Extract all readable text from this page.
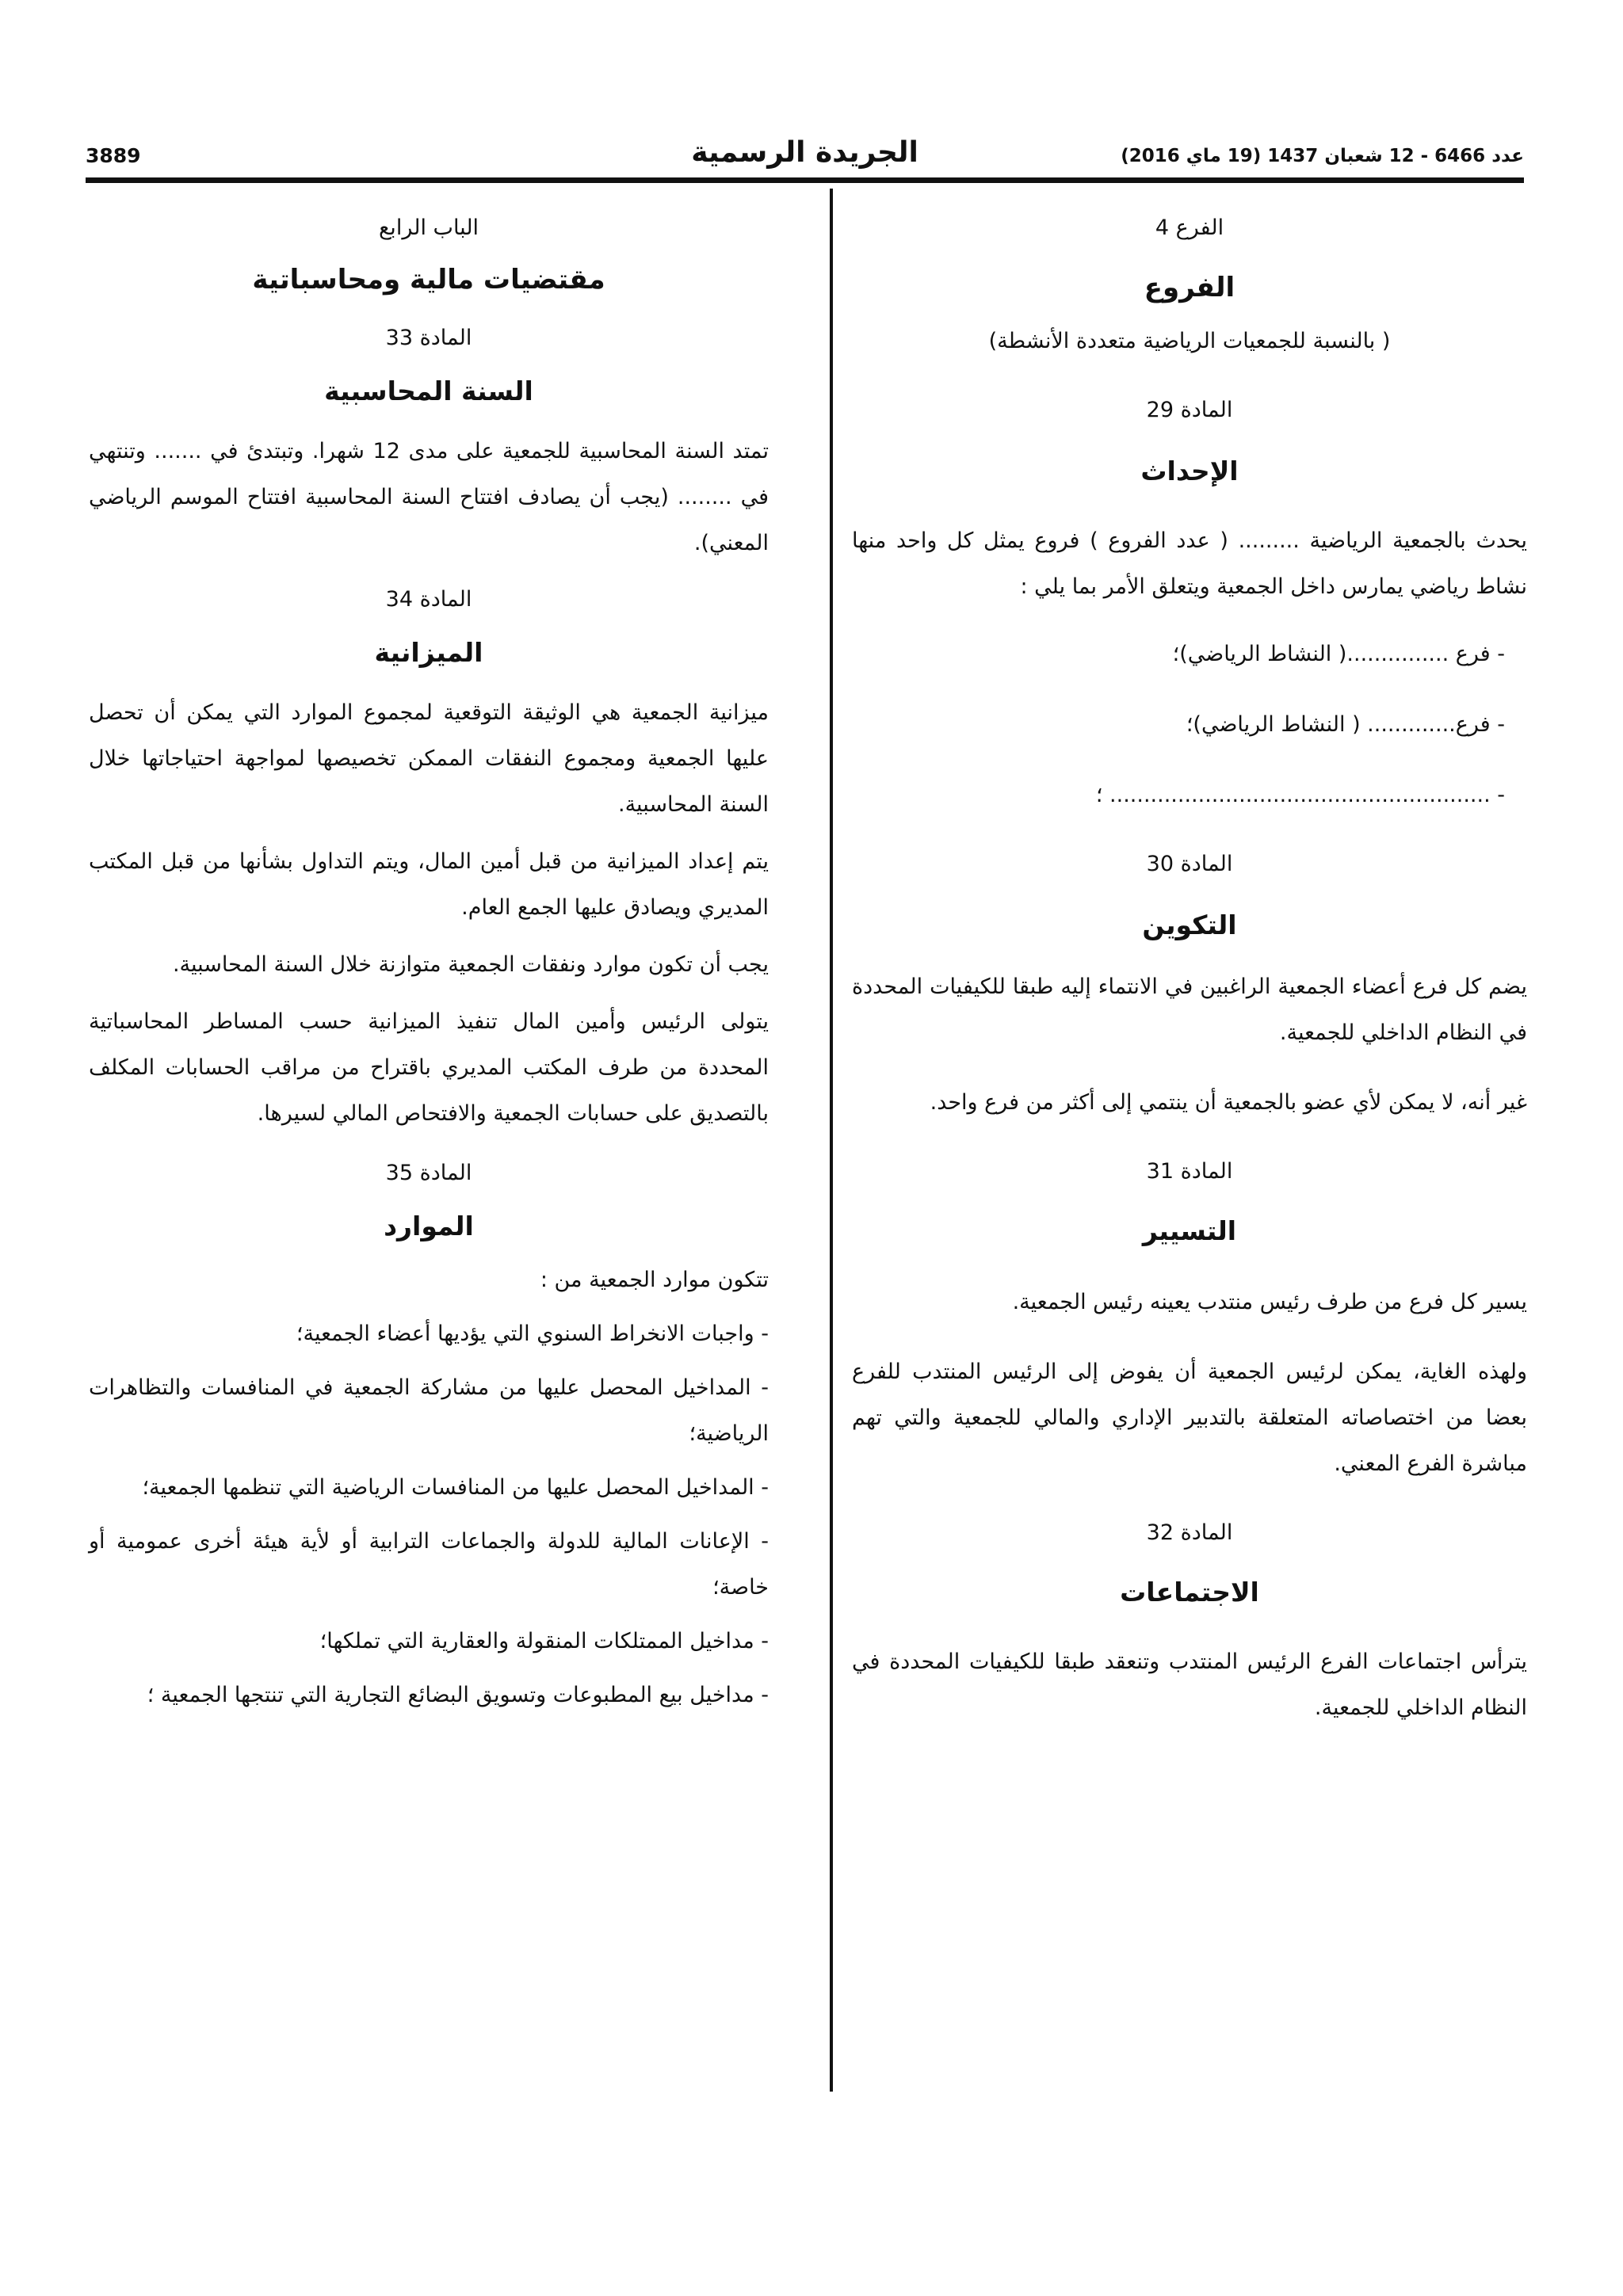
3889	الجريدة الرسمية	عدد 6466 - 12 شعبان 1437 (19 ماي 2016)

الفرع 4

الفروع

( بالنسبة للجمعيات الرياضية متعددة الأنشطة)

المادة 29

الإحداث

يحدث بالجمعية الرياضية ......... ( عدد الفروع ) فروع يمثل كل واحد منها نشاط رياضي يمارس داخل الجمعية ويتعلق الأمر بما يلي :

- فرع ...............( النشاط الرياضي)؛

- فرع............. ( النشاط الرياضي)؛

- ........................................................ ؛

المادة 30

التكوين

يضم كل فرع أعضاء الجمعية الراغبين في الانتماء إليه طبقا للكيفيات المحددة في النظام الداخلي للجمعية.

غير أنه، لا يمكن لأي عضو بالجمعية أن ينتمي إلى أكثر من فرع واحد.

المادة 31

التسيير

يسير كل فرع من طرف رئيس منتدب يعينه رئيس الجمعية.

ولهذه الغاية، يمكن لرئيس الجمعية أن يفوض إلى الرئيس المنتدب للفرع بعضا من اختصاصاته المتعلقة بالتدبير الإداري والمالي للجمعية والتي تهم مباشرة الفرع المعني.

المادة 32

الاجتماعات

يترأس اجتماعات الفرع الرئيس المنتدب وتنعقد طبقا للكيفيات المحددة في النظام الداخلي للجمعية.

الباب الرابع

مقتضيات مالية ومحاسباتية

المادة 33

السنة المحاسبية

تمتد السنة المحاسبية للجمعية على مدى 12 شهرا. وتبتدئ في ....... وتنتهي في ........ (يجب أن يصادف افتتاح السنة المحاسبية افتتاح الموسم الرياضي المعني).

المادة 34

الميزانية

ميزانية الجمعية هي الوثيقة التوقعية لمجموع الموارد التي يمكن أن تحصل عليها الجمعية ومجموع النفقات الممكن تخصيصها لمواجهة احتياجاتها خلال السنة المحاسبية.

يتم إعداد الميزانية من قبل أمين المال، ويتم التداول بشأنها من قبل المكتب المديري ويصادق عليها الجمع العام.

يجب أن تكون موارد ونفقات الجمعية متوازنة خلال السنة المحاسبية.

يتولى الرئيس وأمين المال تنفيذ الميزانية حسب المساطر المحاسباتية المحددة من طرف المكتب المديري باقتراح من مراقب الحسابات المكلف بالتصديق على حسابات الجمعية والافتحاص المالي لسيرها.

المادة 35

الموارد

تتكون موارد الجمعية من :

- واجبات الانخراط السنوي التي يؤديها أعضاء الجمعية؛

- المداخيل المحصل عليها من مشاركة الجمعية في المنافسات والتظاهرات الرياضية؛

- المداخيل المحصل عليها من المنافسات الرياضية التي تنظمها الجمعية؛

- الإعانات المالية للدولة والجماعات الترابية أو لأية هيئة أخرى عمومية أو خاصة؛

- مداخيل الممتلكات المنقولة والعقارية التي تملكها؛

- مداخيل بيع المطبوعات وتسويق البضائع التجارية التي تنتجها الجمعية ؛
